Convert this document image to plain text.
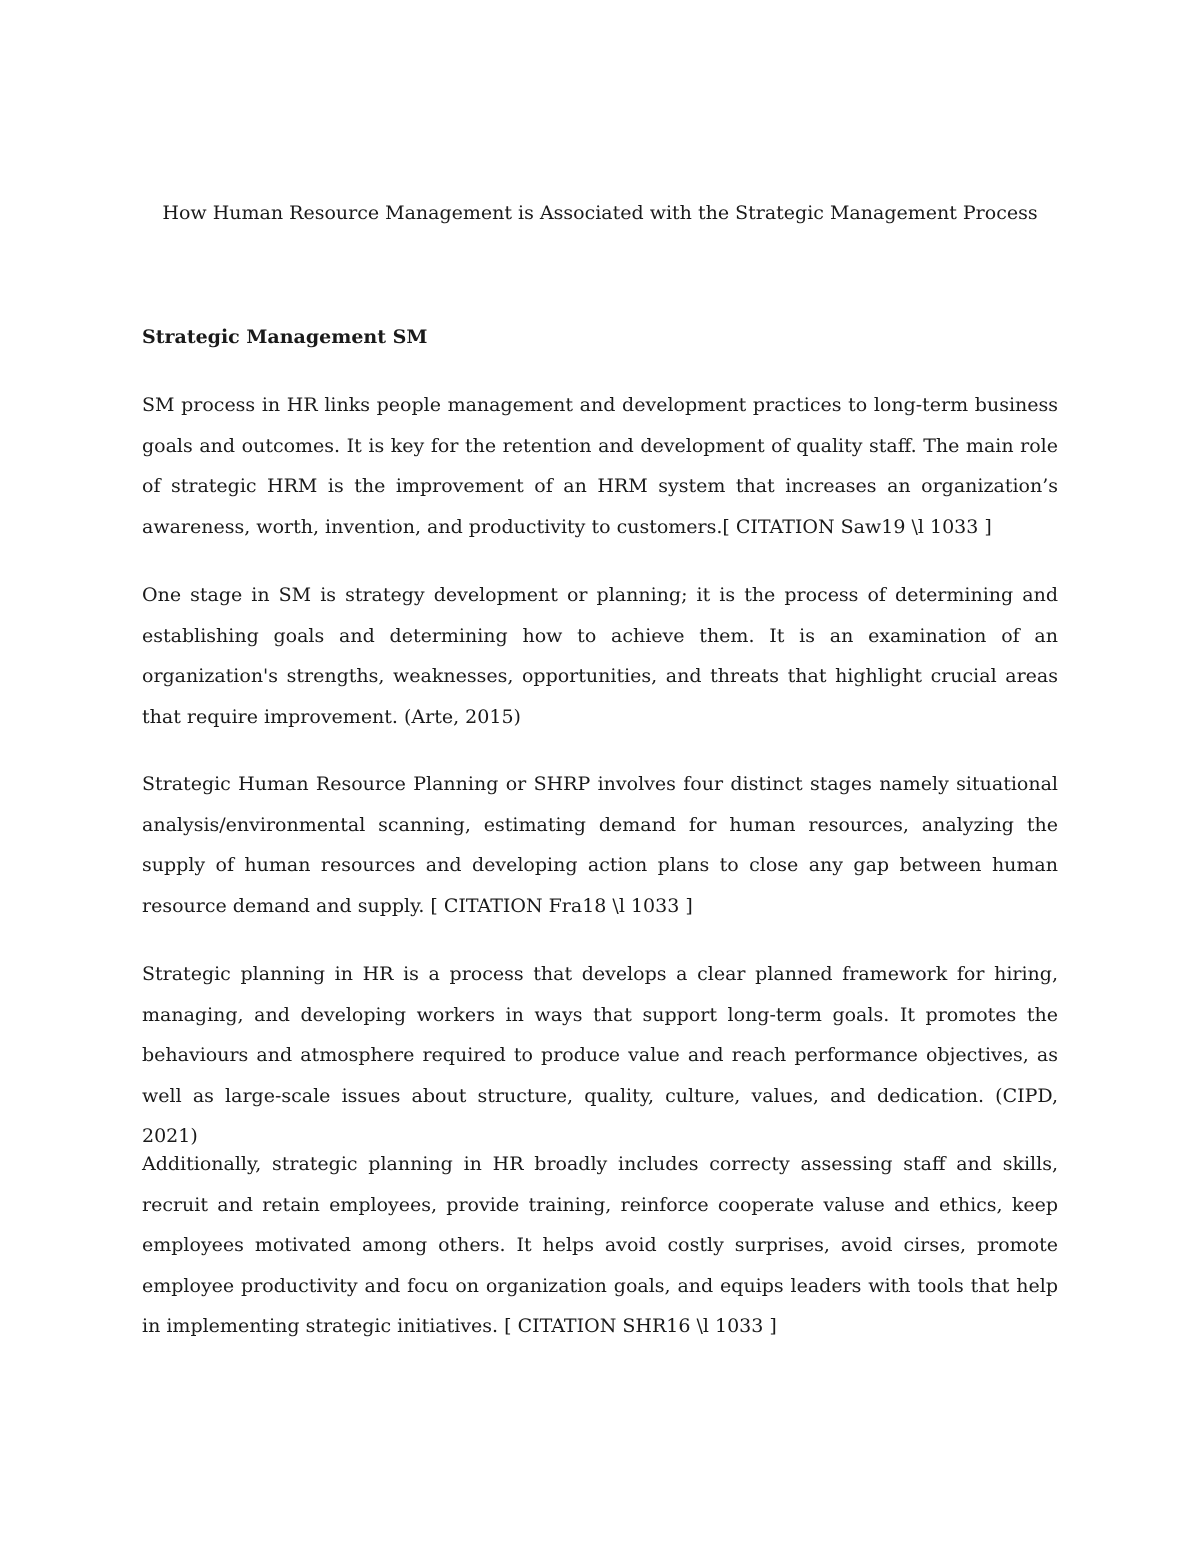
How Human Resource Management is Associated with the Strategic Management Process
Strategic Management SM

SM process in HR links people management and development practices to long-term business goals and outcomes. It is key for the retention and development of quality staff. The main role of strategic HRM is the improvement of an HRM system that increases an organization’s awareness, worth, invention, and productivity to customers.[ CITATION Saw19 \l 1033 ]

One stage in SM is strategy development or planning; it is the process of determining and establishing goals and determining how to achieve them. It is an examination of an organization's strengths, weaknesses, opportunities, and threats that highlight crucial areas that require improvement. (Arte, 2015)

Strategic Human Resource Planning or SHRP involves four distinct stages namely situational analysis/environmental scanning, estimating demand for human resources, analyzing the supply of human resources and developing action plans to close any gap between human resource demand and supply. [ CITATION Fra18 \l 1033 ]

Strategic planning in HR is a process that develops a clear planned framework for hiring, managing, and developing workers in ways that support long-term goals. It promotes the behaviours and atmosphere required to produce value and reach performance objectives, as well as large-scale issues about structure, quality, culture, values, and dedication. (CIPD, 2021)

Additionally, strategic planning in HR broadly includes correcty assessing staff and skills, recruit and retain employees, provide training, reinforce cooperate valuse and ethics, keep employees motivated among others. It helps avoid costly surprises, avoid cirses, promote employee productivity and focu on organization goals, and equips leaders with tools that help in implementing strategic initiatives. [ CITATION SHR16 \l 1033 ]
